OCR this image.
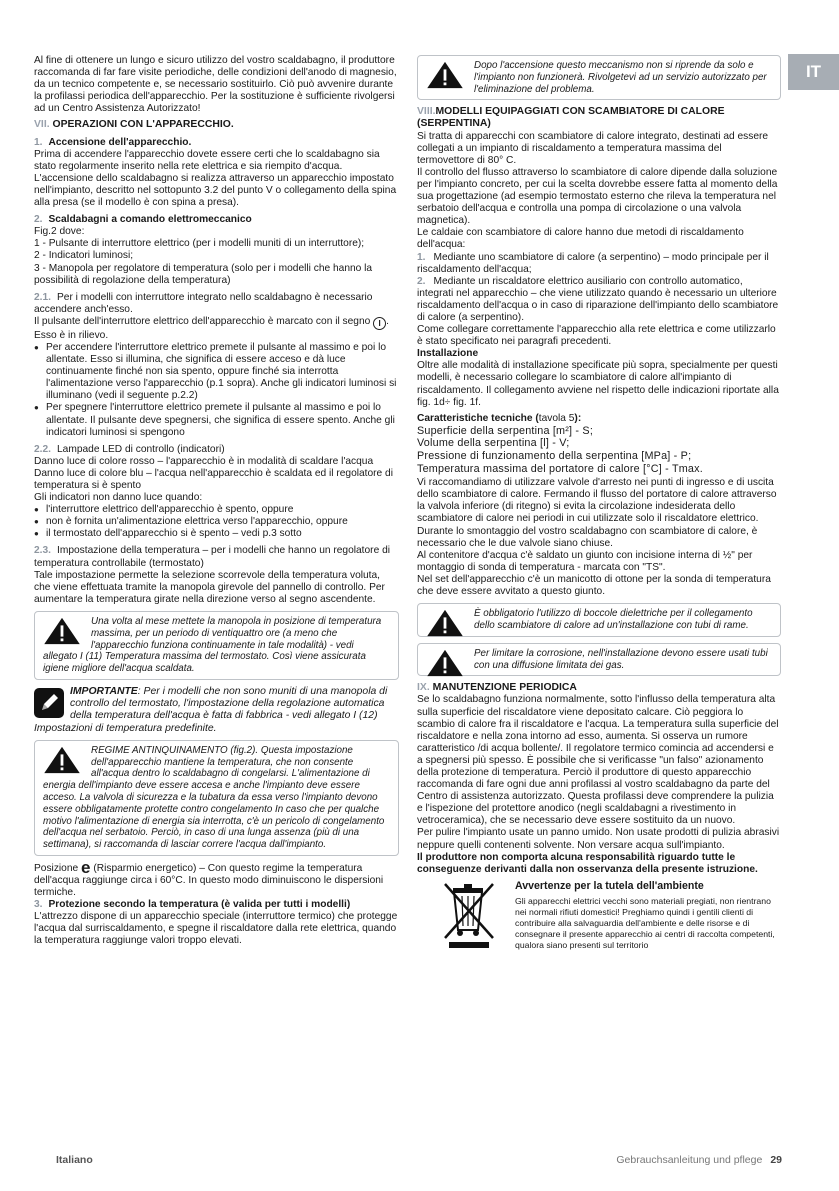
IT

Al fine di ottenere un lungo e sicuro utilizzo del vostro scaldabagno, il produttore raccomanda di far fare visite periodiche, delle condizioni dell'anodo di magnesio, da un tecnico competente e, se necessario sostituirlo. Ciò può avvenire durante la profilassi periodica dell'apparecchio. Per la sostituzione è sufficiente rivolgersi ad un Centro Assistenza Autorizzato!

VII. OPERAZIONI CON L'APPARECCHIO.

1. Accensione dell'apparecchio.

Prima di accendere l'apparecchio dovete essere certi che lo scaldabagno sia stato regolarmente inserito nella rete elettrica e sia riempito d'acqua.

L'accensione dello scaldabagno si realizza attraverso un apparecchio impostato nell'impianto, descritto nel sottopunto 3.2 del punto V o collegamento della spina alla presa (se il modello è con spina a presa).

2. Scaldabagni a comando elettromeccanico

Fig.2 dove:

1 - Pulsante di interruttore elettrico (per i modelli muniti di un interruttore);

2 - Indicatori luminosi;

3 - Manopola per regolatore di temperatura (solo per i modelli che hanno la possibilità di regolazione della temperatura)

2.1. Per i modelli con interruttore integrato nello scaldabagno è necessario accendere anch'esso.

Il pulsante dell'interruttore elettrico dell'apparecchio è marcato con il segno I . Esso è in rilievo.

● Per accendere l'interruttore elettrico premete il pulsante al massimo e poi lo allentate. Esso si illumina, che significa di essere acceso e dà luce continuamente finché non sia spento, oppure finché sia interrotta l'alimentazione verso l'apparecchio (p.1 sopra). Anche gli indicatori luminosi si illuminano (vedi il seguente p.2.2)

● Per spegnere l'interruttore elettrico premete il pulsante al massimo e poi lo allentate. Il pulsante deve spegnersi, che significa di essere spento. Anche gli indicatori luminosi si spengono

2.2. Lampade LED di controllo (indicatori)

Danno luce di colore rosso – l'apparecchio è in modalità di scaldare l'acqua

Danno luce di colore blu – l'acqua nell'apparecchio è scaldata ed il regolatore di temperatura si è spento

Gli indicatori non danno luce quando:

● l'interruttore elettrico dell'apparecchio è spento, oppure

● non è fornita un'alimentazione elettrica verso l'apparecchio, oppure

● il termostato dell'apparecchio si è spento – vedi p.3 sotto

2.3. Impostazione della temperatura – per i modelli che hanno un regolatore di temperatura controllabile (termostato)

Tale impostazione permette la selezione scorrevole della temperatura voluta, che viene effettuata tramite la manopola girevole del pannello di controllo. Per aumentare la temperatura girate nella direzione verso al segno ascendente.

Una volta al mese mettete la manopola in posizione di temperatura massima, per un periodo di ventiquattro ore (a meno che l'apparecchio funziona continuamente in tale modalità) - vedi allegato I (11) Temperatura massima del termostato. Così viene assicurata igiene migliore dell'acqua scaldata.
IMPORTANTE: Per i modelli che non sono muniti di una manopola di controllo del termostato, l'impostazione della regolazione automatica della temperatura dell'acqua è fatta di fabbrica - vedi allegato I (12) Impostazioni di temperatura predefinite.
REGIME ANTINQUINAMENTO (fig.2). Questa impostazione dell'apparecchio mantiene la temperatura, che non consente all'acqua dentro lo scaldabagno di congelarsi. L'alimentazione di energia dell'impianto deve essere accesa e anche l'impianto deve essere acceso. La valvola di sicurezza e la tubatura da essa verso l'impianto devono essere obbligatamente protette contro congelamento In caso che per qualche motivo l'alimentazione di energia sia interrotta, c'è un pericolo di congelamento dell'acqua nel serbatoio. Perciò, in caso di una lunga assenza (più di una settimana), si raccomanda di lasciar correre l'acqua dall'impianto.

Posizione e (Risparmio energetico) – Con questo regime la temperatura dell'acqua raggiunge circa i 60°C. In questo modo diminuiscono le dispersioni termiche.

3. Protezione secondo la temperatura (è valida per tutti i modelli)

L'attrezzo dispone di un apparecchio speciale (interruttore termico) che protegge l'acqua dal surriscaldamento, e spegne il riscaldatore dalla rete elettrica, quando la temperatura raggiunge valori troppo elevati.

Dopo l'accensione questo meccanismo non si riprende da solo e l'impianto non funzionerà. Rivolgetevi ad un servizio autorizzato per l'eliminazione del problema.

VIII.MODELLI EQUIPAGGIATI CON SCAMBIATORE DI CALORE (SERPENTINA)

Si tratta di apparecchi con scambiatore di calore integrato, destinati ad essere collegati a un impianto di riscaldamento a temperatura massima del termovettore di 80° C.

Il controllo del flusso attraverso lo scambiatore di calore dipende dalla soluzione per l'impianto concreto, per cui la scelta dovrebbe essere fatta al momento della sua progettazione (ad esempio termostato esterno che rileva la temperatura nel serbatoio dell'acqua e controlla una pompa di circolazione o una valvola magnetica).

Le caldaie con scambiatore di calore hanno due metodi di riscaldamento dell'acqua:

1. Mediante uno scambiatore di calore (a serpentino) – modo principale per il riscaldamento dell'acqua;

2. Mediante un riscaldatore elettrico ausiliario con controllo automatico, integrati nel apparecchio – che viene utilizzato quando è necessario un ulteriore riscaldamento dell'acqua o in caso di riparazione dell'impianto dello scambiatore di calore (a serpentino).

Come collegare correttamente l'apparecchio alla rete elettrica e come utilizzarlo è stato specificato nei paragrafi precedenti.

Installazione

Oltre alle modalità di installazione specificate più sopra, specialmente per questi modelli, è necessario collegare lo scambiatore di calore all'impianto di riscaldamento. Il collegamento avviene nel rispetto delle indicazioni riportate alla fig. 1d÷ fig. 1f.

Caratteristiche tecniche (tavola 5):

Superficie della serpentina [m²] - S;

Volume della serpentina [l] - V;

Pressione di funzionamento della serpentina [MPa] - P;

Temperatura massima del portatore di calore [°C] - Tmax.

Vi raccomandiamo di utilizzare valvole d'arresto nei punti di ingresso e di uscita dello scambiatore di calore. Fermando il flusso del portatore di calore attraverso la valvola inferiore (di ritegno) si evita la circolazione indesiderata dello scambiatore di calore nei periodi in cui utilizzate solo il riscaldatore elettrico.

Durante lo smontaggio del vostro scaldabagno con scambiatore di calore, è necessario che le due valvole siano chiuse.

Al contenitore d'acqua c'è saldato un giunto con incisione interna di ½" per montaggio di sonda di temperatura - marcata con "TS".

Nel set dell'apparecchio c'è un manicotto di ottone per la sonda di temperatura che deve essere avvitato a questo giunto.

È obbligatorio l'utilizzo di boccole dielettriche per il collegamento dello scambiatore di calore ad un'installazione con tubi di rame.
Per limitare la corrosione, nell'installazione devono essere usati tubi con una diffusione limitata dei gas.

IX. MANUTENZIONE PERIODICA

Se lo scaldabagno funziona normalmente, sotto l'influsso della temperatura alta sulla superficie del riscaldatore viene depositato calcare. Ciò peggiora lo scambio di calore fra il riscaldatore e l'acqua. La temperatura sulla superficie del riscaldatore e nella zona intorno ad esso, aumenta. Si osserva un rumore caratteristico /di acqua bollente/. Il regolatore termico comincia ad accendersi e a spegnersi più spesso. È possibile che si verificasse "un falso" azionamento della protezione di temperatura. Perciò il produttore di questo apparecchio raccomanda di fare ogni due anni profilassi al vostro scaldabagno da parte del Centro di assistenza autorizzato. Questa profilassi deve comprendere la pulizia e l'ispezione del protettore anodico (negli scaldabagni a rivestimento in vetroceramica), che se necessario deve essere sostituito da un nuovo.

Per pulire l'impianto usate un panno umido. Non usate prodotti di pulizia abrasivi neppure quelli contenenti solvente. Non versare acqua sull'impianto.

Il produttore non comporta alcuna responsabilità riguardo tutte le conseguenze derivanti dalla non osservanza della presente istruzione.

Avvertenze per la tutela dell'ambiente
Gli apparecchi elettrici vecchi sono materiali pregiati, non rientrano nei normali rifiuti domestici! Preghiamo quindi i gentili clienti di contribuire alla salvaguardia dell'ambiente e delle risorse e di consegnare il presente apparecchio ai centri di raccolta competenti, qualora siano presenti sul territorio
Italiano	Gebrauchsanleitung und pflege 29
